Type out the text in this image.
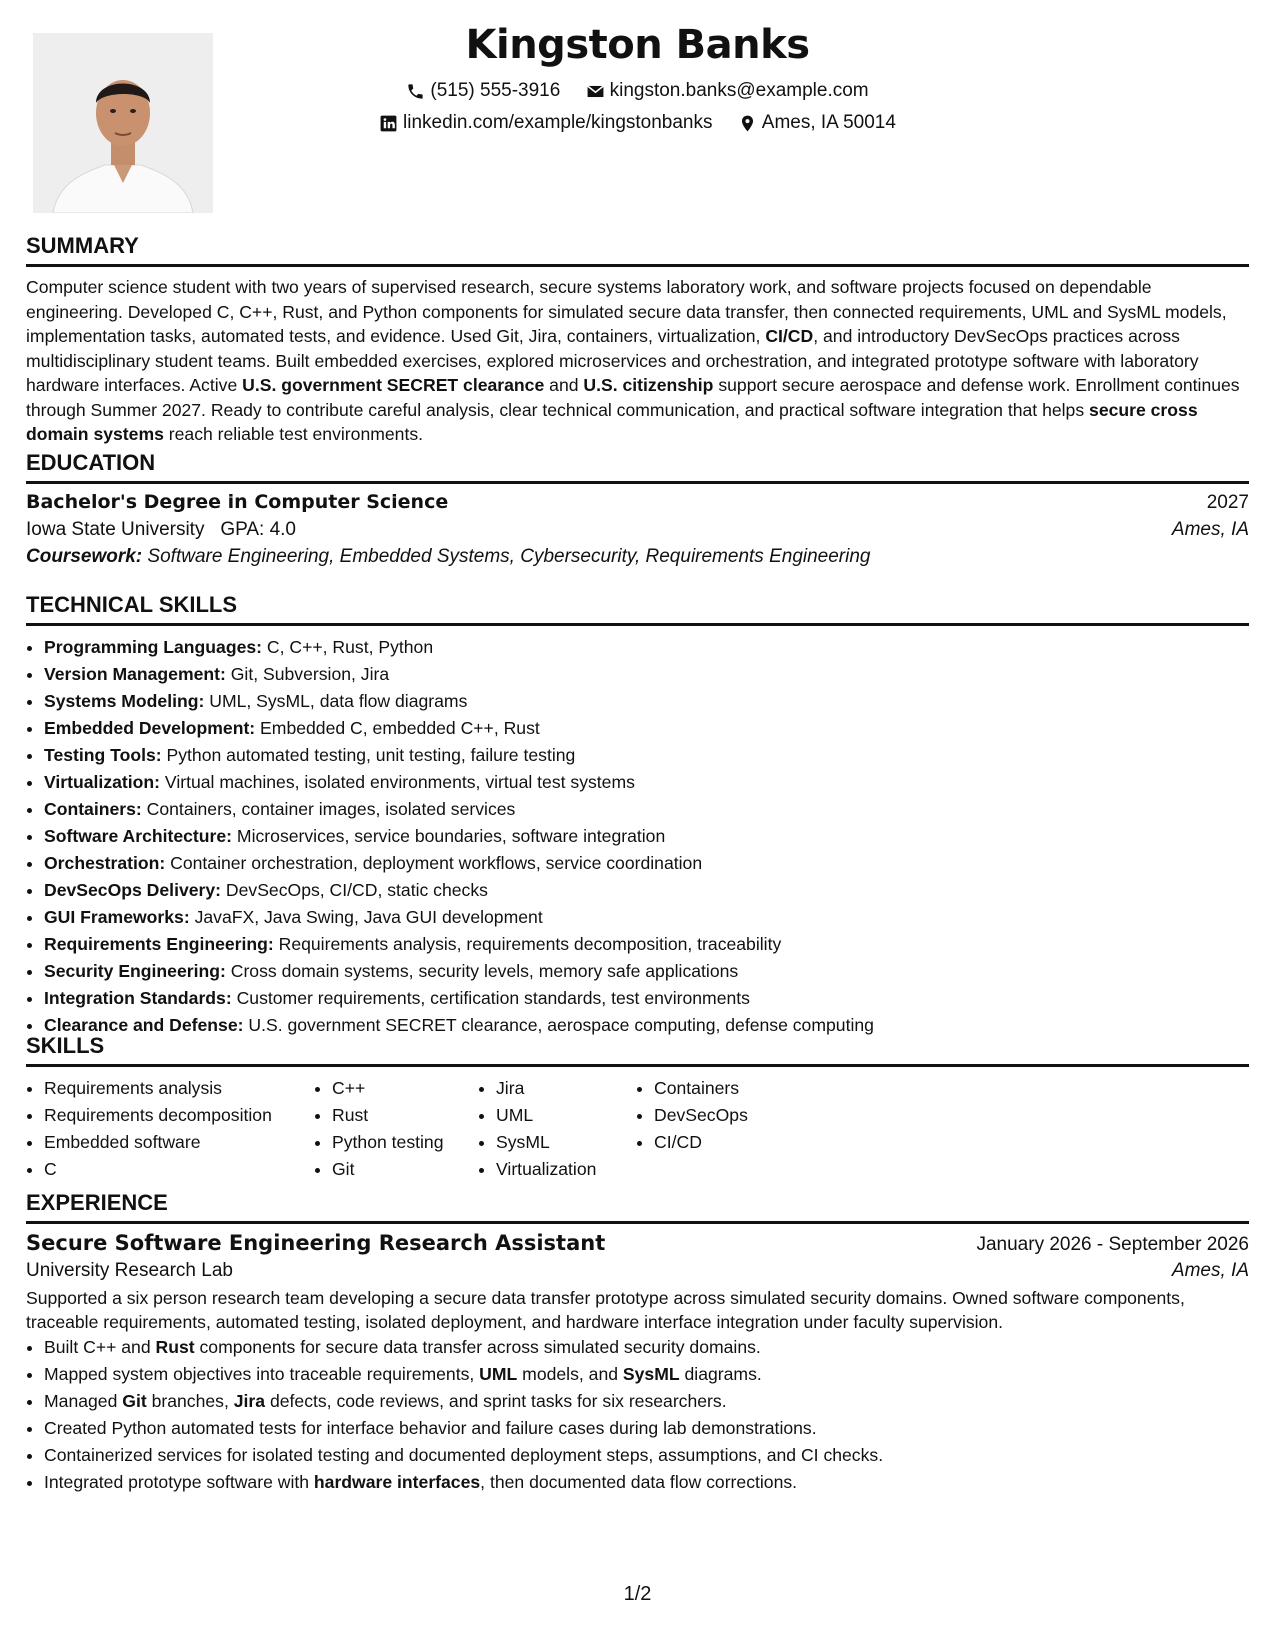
Kingston Banks
(515) 555-3916
	kingston.banks@example.com
linkedin.com/example/kingstonbanks
	Ames, IA 50014
SUMMARY
Computer science student with two years of supervised research, secure systems laboratory work, and software projects focused on dependable engineering. Developed C, C++, Rust, and Python components for simulated secure data transfer, then connected requirements, UML and SysML models, implementation tasks, automated tests, and evidence. Used Git, Jira, containers, virtualization, CI/CD, and introductory DevSecOps practices across multidisciplinary student teams. Built embedded exercises, explored microservices and orchestration, and integrated prototype software with laboratory hardware interfaces. Active U.S. government SECRET clearance and U.S. citizenship support secure aerospace and defense work. Enrollment continues through Summer 2027. Ready to contribute careful analysis, clear technical communication, and practical software integration that helps secure cross domain systems reach reliable test environments.
EDUCATION
Bachelor's Degree in Computer Science	2027
Iowa State University GPA: 4.0	Ames, IA
Coursework: Software Engineering, Embedded Systems, Cybersecurity, Requirements Engineering
TECHNICAL SKILLS
• Programming Languages: C, C++, Rust, Python
• Version Management: Git, Subversion, Jira
• Systems Modeling: UML, SysML, data flow diagrams
• Embedded Development: Embedded C, embedded C++, Rust
• Testing Tools: Python automated testing, unit testing, failure testing
• Virtualization: Virtual machines, isolated environments, virtual test systems
• Containers: Containers, container images, isolated services
• Software Architecture: Microservices, service boundaries, software integration
• Orchestration: Container orchestration, deployment workflows, service coordination
• DevSecOps Delivery: DevSecOps, CI/CD, static checks
• GUI Frameworks: JavaFX, Java Swing, Java GUI development
• Requirements Engineering: Requirements analysis, requirements decomposition, traceability
• Security Engineering: Cross domain systems, security levels, memory safe applications
• Integration Standards: Customer requirements, certification standards, test environments
• Clearance and Defense: U.S. government SECRET clearance, aerospace computing, defense computing
SKILLS
• Requirements analysis
• Requirements decomposition
• Embedded software
• C
• C++
• Rust
• Python testing
• Git
• Jira
• UML
• SysML
• Virtualization
• Containers
• DevSecOps
• CI/CD
EXPERIENCE
Secure Software Engineering Research Assistant	January 2026 - September 2026
University Research Lab	Ames, IA
Supported a six person research team developing a secure data transfer prototype across simulated security domains. Owned software components, traceable requirements, automated testing, isolated deployment, and hardware interface integration under faculty supervision.
• Built C++ and Rust components for secure data transfer across simulated security domains.
• Mapped system objectives into traceable requirements, UML models, and SysML diagrams.
• Managed Git branches, Jira defects, code reviews, and sprint tasks for six researchers.
• Created Python automated tests for interface behavior and failure cases during lab demonstrations.
• Containerized services for isolated testing and documented deployment steps, assumptions, and CI checks.
• Integrated prototype software with hardware interfaces, then documented data flow corrections.
1/2
